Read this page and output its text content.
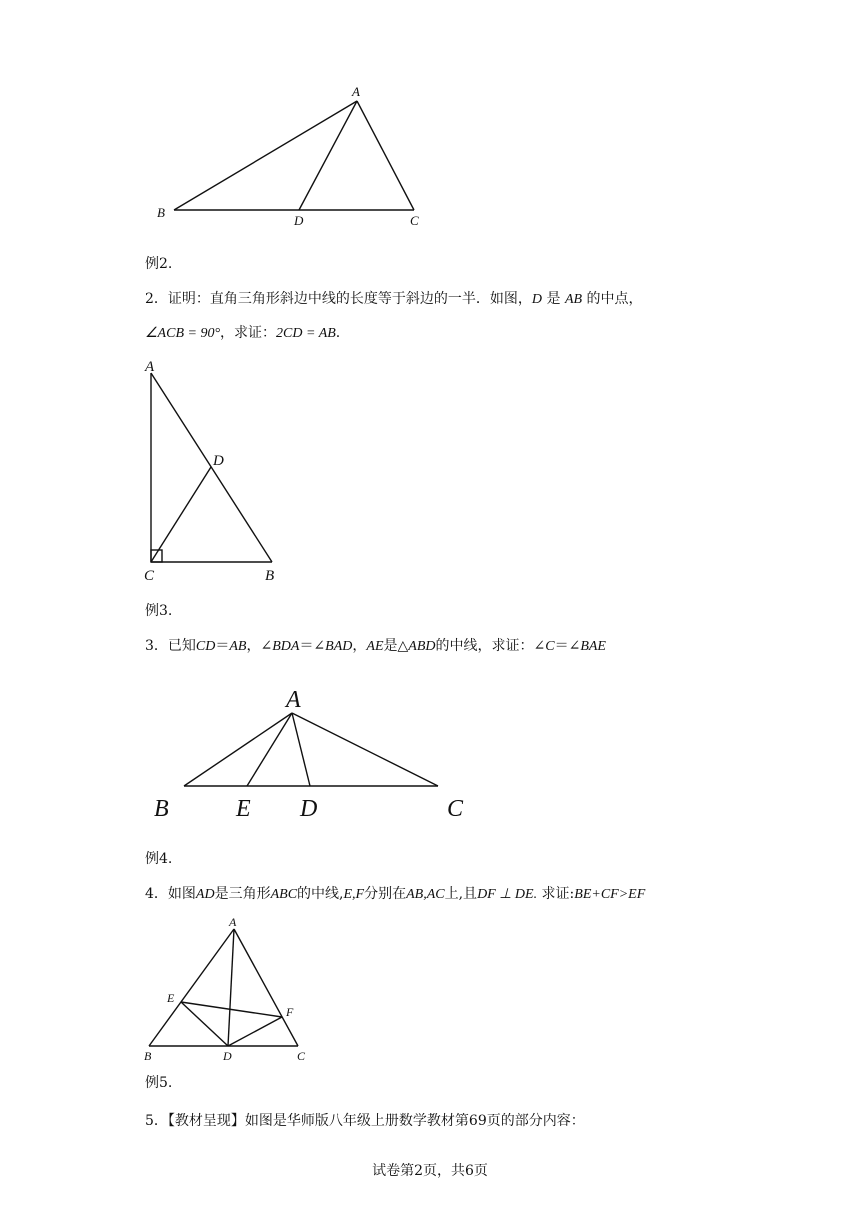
A
B
D	C
例2.
2．证明：直角三角形斜边中线的长度等于斜边的一半．如图，D 是 AB 的中点，
∠ACB = 90°，求证：2CD = AB.
A
D
C	B
例3.
3．已知CD＝AB，∠BDA＝∠BAD，AE是△ABD的中线，求证：∠C＝∠BAE
A
B	E D	C
例4.
4．如图AD是三角形ABC的中线,E,F分别在AB,AC上,且DF ⊥ DE. 求证:BE+CF>EF
A
E
F
B	D	C
例5.
5．【教材呈现】如图是华师版八年级上册数学教材第69页的部分内容：
试卷第2页，共6页
